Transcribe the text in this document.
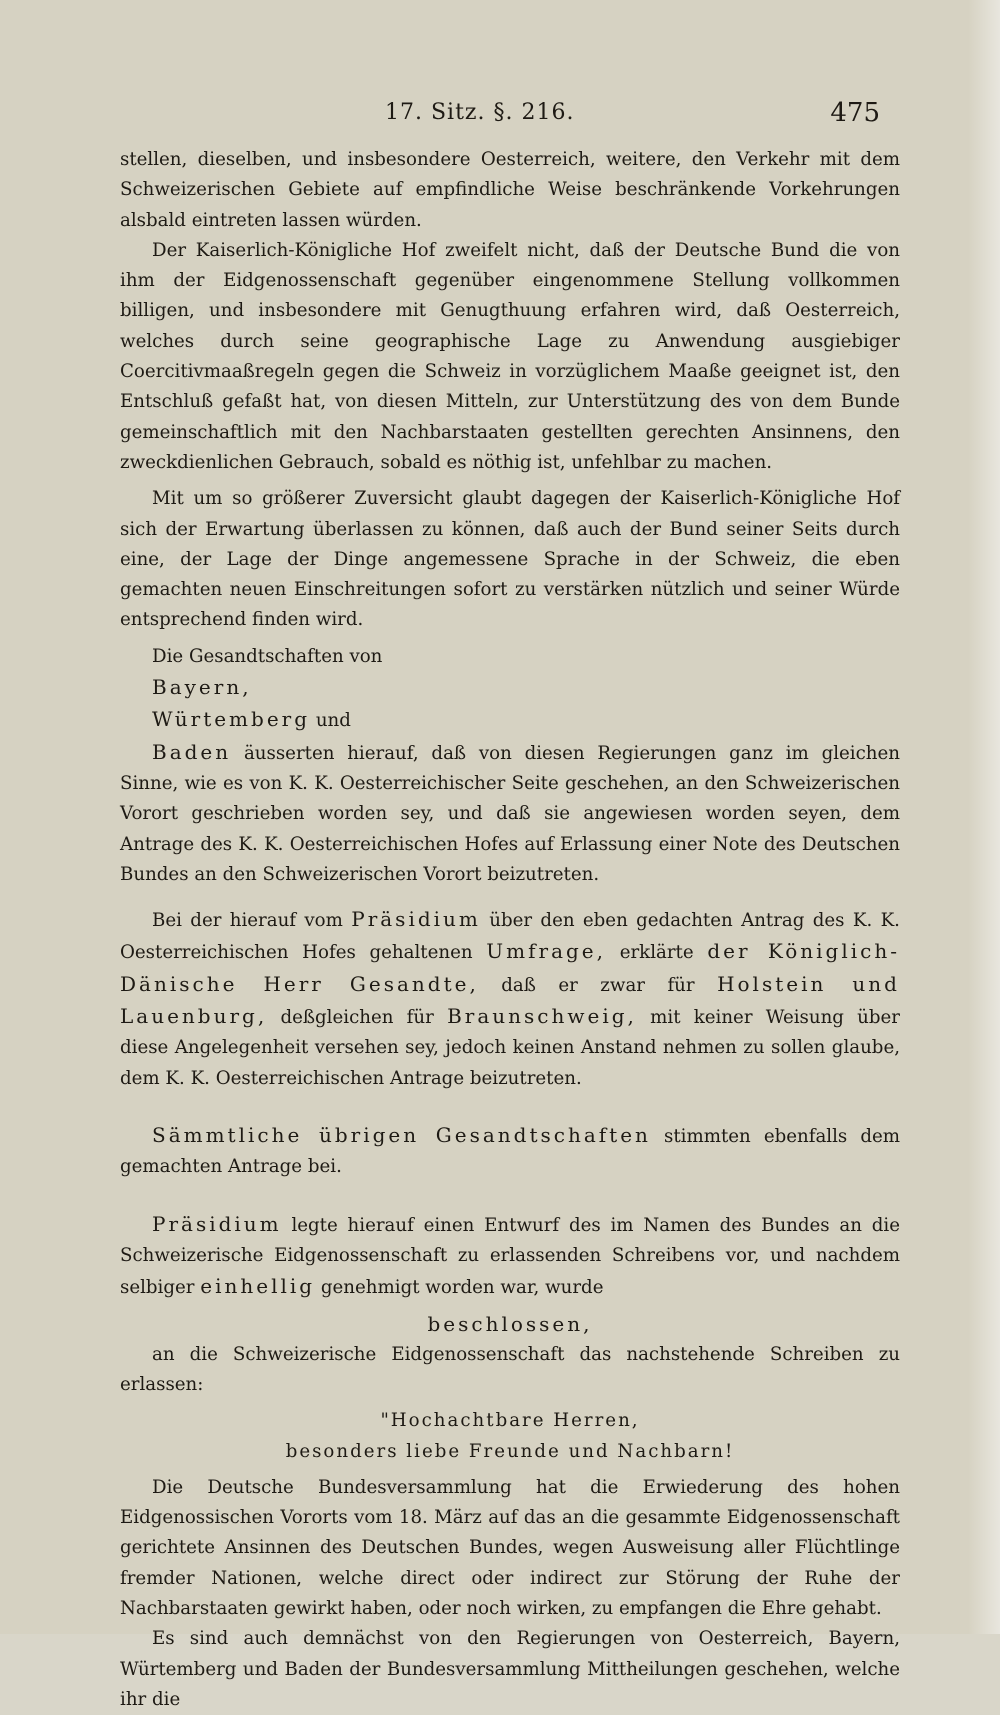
17. Sitz. §. 216.	475

stellen, dieselben, und insbesondere Oesterreich, weitere, den Verkehr mit dem Schweizerischen Gebiete auf empfindliche Weise beschränkende Vorkehrungen alsbald eintreten lassen würden.

Der Kaiserlich-Königliche Hof zweifelt nicht, daß der Deutsche Bund die von ihm der Eidgenossenschaft gegenüber eingenommene Stellung vollkommen billigen, und insbesondere mit Genugthuung erfahren wird, daß Oesterreich, welches durch seine geographische Lage zu Anwendung ausgiebiger Coercitivmaaßregeln gegen die Schweiz in vorzüglichem Maaße geeignet ist, den Entschluß gefaßt hat, von diesen Mitteln, zur Unterstützung des von dem Bunde gemeinschaftlich mit den Nachbarstaaten gestellten gerechten Ansinnens, den zweckdienlichen Gebrauch, sobald es nöthig ist, unfehlbar zu machen.

Mit um so größerer Zuversicht glaubt dagegen der Kaiserlich-Königliche Hof sich der Erwartung überlassen zu können, daß auch der Bund seiner Seits durch eine, der Lage der Dinge angemessene Sprache in der Schweiz, die eben gemachten neuen Einschreitungen sofort zu verstärken nützlich und seiner Würde entsprechend finden wird.

Die Gesandtschaften von

Bayern,

Würtemberg und

Baden äusserten hierauf, daß von diesen Regierungen ganz im gleichen Sinne, wie es von K. K. Oesterreichischer Seite geschehen, an den Schweizerischen Vorort geschrieben worden sey, und daß sie angewiesen worden seyen, dem Antrage des K. K. Oesterreichischen Hofes auf Erlassung einer Note des Deutschen Bundes an den Schweizerischen Vorort beizutreten.

Bei der hierauf vom Präsidium über den eben gedachten Antrag des K. K. Oesterreichischen Hofes gehaltenen Umfrage, erklärte der Königlich-Dänische Herr Gesandte, daß er zwar für Holstein und Lauenburg, deßgleichen für Braunschweig, mit keiner Weisung über diese Angelegenheit versehen sey, jedoch keinen Anstand nehmen zu sollen glaube, dem K. K. Oesterreichischen Antrage beizutreten.

Sämmtliche übrigen Gesandtschaften stimmten ebenfalls dem gemachten Antrage bei.

Präsidium legte hierauf einen Entwurf des im Namen des Bundes an die Schweizerische Eidgenossenschaft zu erlassenden Schreibens vor, und nachdem selbiger einhellig genehmigt worden war, wurde

beschlossen,

an die Schweizerische Eidgenossenschaft das nachstehende Schreiben zu erlassen:

"Hochachtbare Herren,

besonders liebe Freunde und Nachbarn!

Die Deutsche Bundesversammlung hat die Erwiederung des hohen Eidgenossischen Vororts vom 18. März auf das an die gesammte Eidgenossenschaft gerichtete Ansinnen des Deutschen Bundes, wegen Ausweisung aller Flüchtlinge fremder Nationen, welche direct oder indirect zur Störung der Ruhe der Nachbarstaaten gewirkt haben, oder noch wirken, zu empfangen die Ehre gehabt.

Es sind auch demnächst von den Regierungen von Oesterreich, Bayern, Würtemberg und Baden der Bundesversammlung Mittheilungen geschehen, welche ihr die
